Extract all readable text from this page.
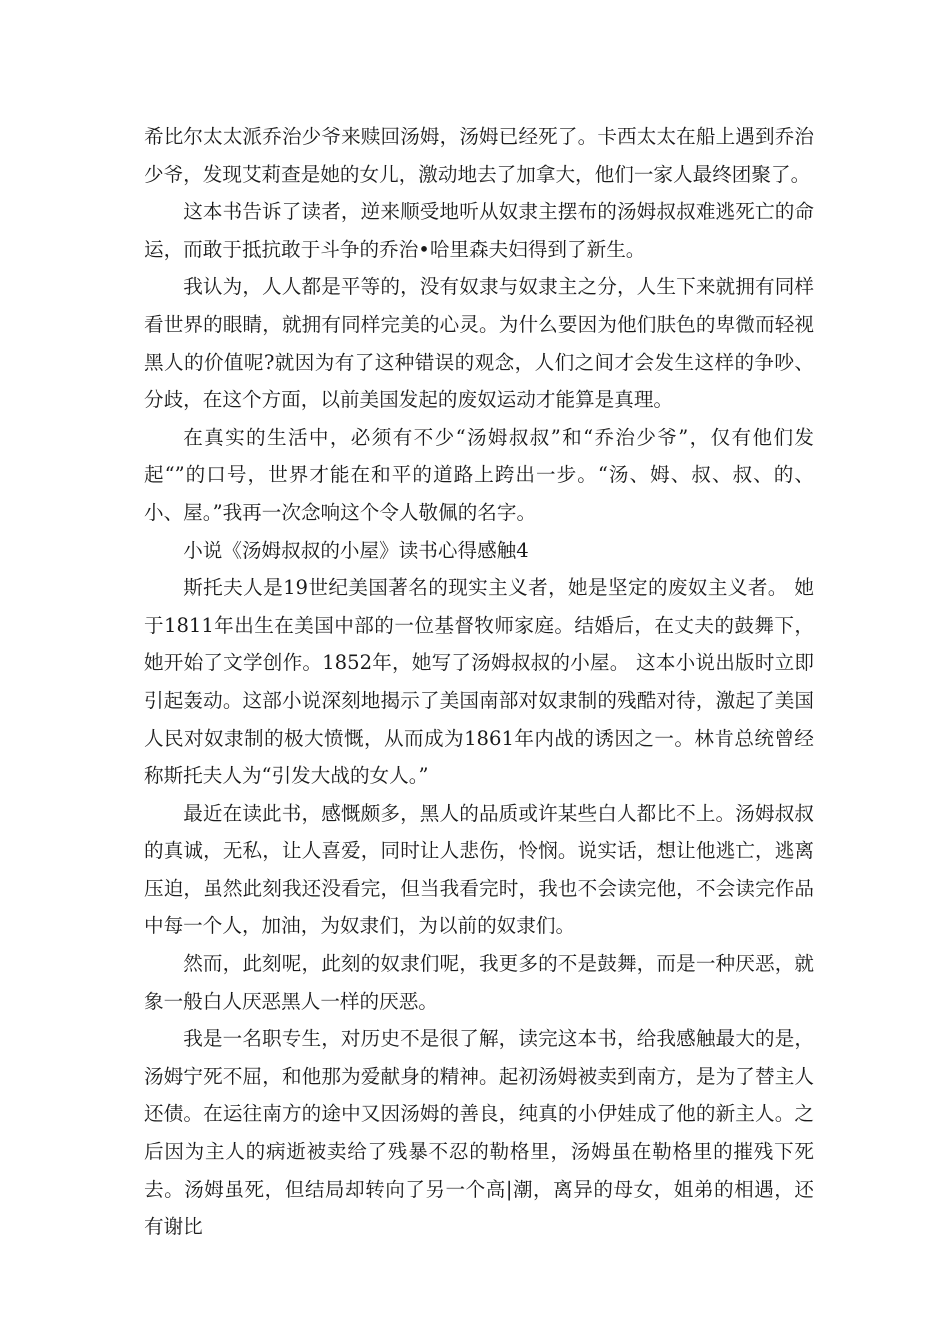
希比尔太太派乔治少爷来赎回汤姆，汤姆已经死了。卡西太太在船上遇到乔治少爷，发现艾莉查是她的女儿，激动地去了加拿大，他们一家人最终团聚了。

这本书告诉了读者，逆来顺受地听从奴隶主摆布的汤姆叔叔难逃死亡的命运，而敢于抵抗敢于斗争的乔治•哈里森夫妇得到了新生。

我认为，人人都是平等的，没有奴隶与奴隶主之分，人生下来就拥有同样看世界的眼睛，就拥有同样完美的心灵。为什么要因为他们肤色的卑微而轻视黑人的价值呢?就因为有了这种错误的观念，人们之间才会发生这样的争吵、分歧，在这个方面，以前美国发起的废奴运动才能算是真理。

在真实的生活中，必须有不少“汤姆叔叔”和“乔治少爷”，仅有他们发起“”的口号，世界才能在和平的道路上跨出一步。“汤、姆、叔、叔、的、小、屋。”我再一次念响这个令人敬佩的名字。

小说《汤姆叔叔的小屋》读书心得感触4

斯托夫人是19世纪美国著名的现实主义者，她是坚定的废奴主义者。 她于1811年出生在美国中部的一位基督牧师家庭。结婚后，在丈夫的鼓舞下，她开始了文学创作。1852年，她写了汤姆叔叔的小屋。 这本小说出版时立即引起轰动。这部小说深刻地揭示了美国南部对奴隶制的残酷对待，激起了美国人民对奴隶制的极大愤慨，从而成为1861年内战的诱因之一。林肯总统曾经称斯托夫人为“引发大战的女人。”

最近在读此书，感慨颇多，黑人的品质或许某些白人都比不上。汤姆叔叔的真诚，无私，让人喜爱，同时让人悲伤，怜悯。说实话，想让他逃亡，逃离压迫，虽然此刻我还没看完，但当我看完时，我也不会读完他，不会读完作品中每一个人，加油，为奴隶们，为以前的奴隶们。

然而，此刻呢，此刻的奴隶们呢，我更多的不是鼓舞，而是一种厌恶，就象一般白人厌恶黑人一样的厌恶。

我是一名职专生，对历史不是很了解，读完这本书，给我感触最大的是，汤姆宁死不屈，和他那为爱献身的精神。起初汤姆被卖到南方，是为了替主人还债。在运往南方的途中又因汤姆的善良，纯真的小伊娃成了他的新主人。之后因为主人的病逝被卖给了残暴不忍的勒格里，汤姆虽在勒格里的摧残下死去。汤姆虽死，但结局却转向了另一个高|潮，离异的母女，姐弟的相遇，还有谢比
